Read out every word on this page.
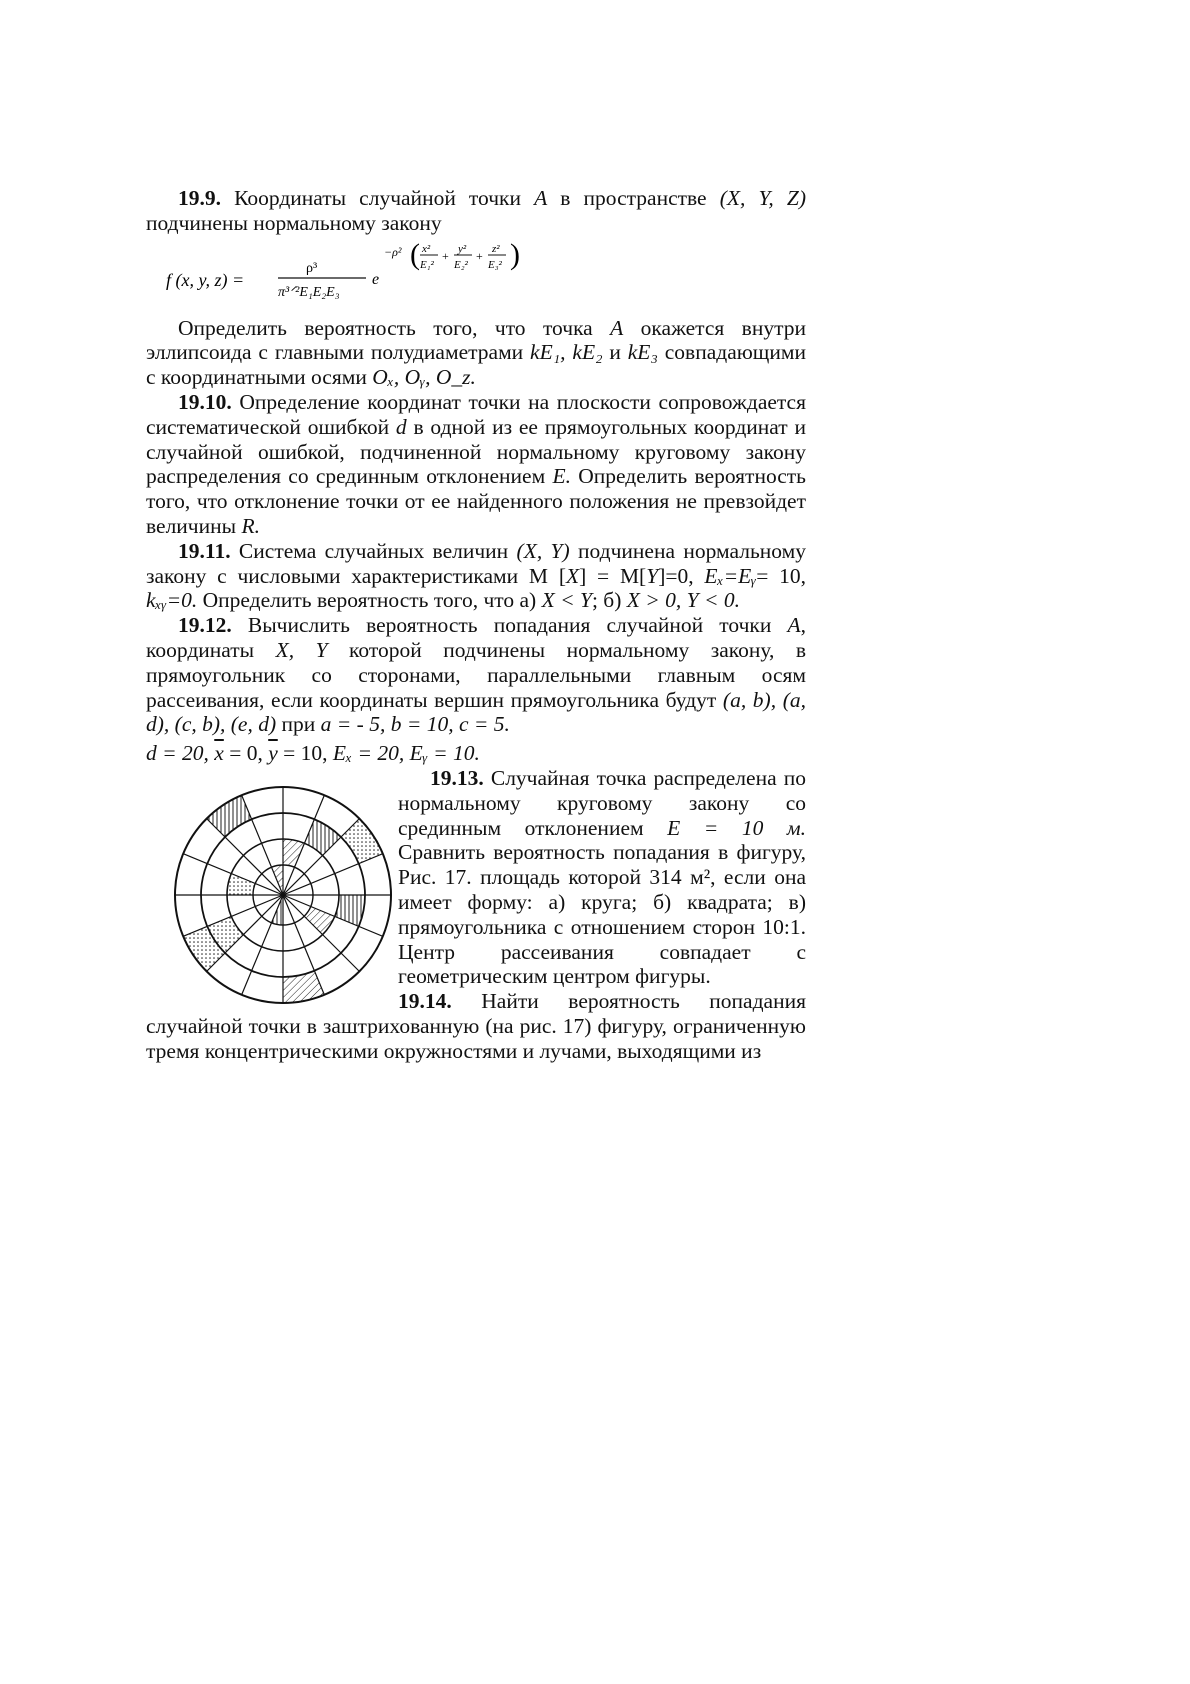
19.9. Координаты случайной точки A в пространстве (X, Y, Z) подчинены нормальному закону

f (x, y, z) =
ρ³
π³ᐟ²E₁E₂E₃
e
−ρ² ( x²
E₁²
+ y²
E₂²
+ z²
E₃² )

Определить вероятность того, что точка A окажется внутри эллипсоида с главными полудиаметрами kE₁, kE₂ и kE₃ совпадающими с координатными осями Oₓ, Oᵧ, O_z.

19.10. Определение координат точки на плоскости сопровождается систематической ошибкой d в одной из ее прямоугольных координат и случайной ошибкой, подчиненной нормальному круговому закону распределения со срединным отклонением E. Определить вероятность того, что отклонение точки от ее найденного положения не превзойдет величины R.

19.11. Система случайных величин (X, Y) подчинена нормальному закону с числовыми характеристиками М [X] = М[Y]=0, Eₓ=Eᵧ= 10, kₓᵧ=0. Определить вероятность того, что а) X < Y; б) X > 0, Y < 0.

19.12. Вычислить вероятность попадания случайной точки A, координаты X, Y которой подчинены нормальному закону, в прямоугольник со сторонами, параллельными главным осям рассеивания, если координаты вершин прямоугольника будут (a, b), (a, d), (c, b), (e, d) при a = - 5, b = 10, c = 5.

d = 20, $\overline{x} = 0$, $\overline{y} = 10$, Eₓ = 20, Eᵧ = 10.

19.13. Случайная точка распределена по нормальному круговому закону со срединным отклонением E = 10 м. Сравнить вероятность попадания в фигуру, Рис. 17. площадь которой 314 м², если она имеет форму: а) круга; б) квадрата; в) прямоугольника с отношением сторон 10:1. Центр рассеивания совпадает с геометрическим центром фигуры.

19.14. Найти вероятность попадания случайной точки в заштрихованную (на рис. 17) фигуру, ограниченную тремя концентрическими окружностями и лучами, выходящими из
